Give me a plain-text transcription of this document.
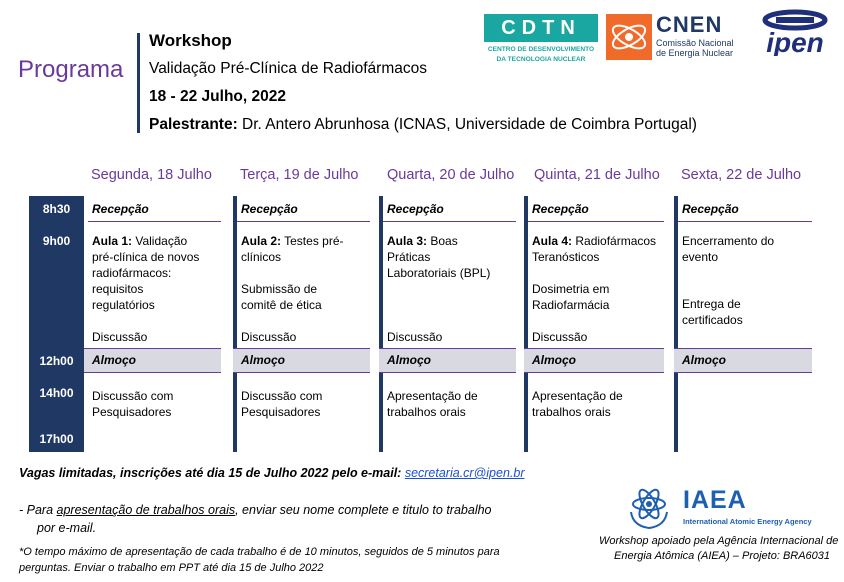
Programa
Workshop
Validação Pré-Clínica de Radiofármacos
18 - 22 Julho, 2022
Palestrante: Dr. Antero Abrunhosa (ICNAS, Universidade de Coimbra Portugal)
CDTN
CENTRO DE DESENVOLVIMENTO
DA TECNOLOGIA NUCLEAR
CNEN
Comissão Nacional
de Energia Nuclear ipen
Segunda, 18 Julho Terça, 19 de Julho Quarta, 20 de Julho Quinta, 21 de Julho Sexta, 22 de Julho
8h30
9h00
12h00
14h00
17h00
Recepção
Aula 1: Validação
pré-clínica de novos
radiofármacos:
requisitos
regulatórios
Discussão
Almoço
Discussão com
Pesquisadores
Recepção
Aula 2: Testes pré-
clínicos
Submissão de
comitê de ética
Discussão
Almoço
Discussão com
Pesquisadores
Recepção
Aula 3: Boas
Práticas
Laboratoriais (BPL)
Discussão
Almoço
Apresentação de
trabalhos orais
Recepção
Aula 4: Radiofármacos
Teranósticos
Dosimetria em
Radiofarmácia
Discussão
Almoço
Apresentação de
trabalhos orais
Recepção
Encerramento do
evento
Entrega de
certificados
Almoço
Vagas limitadas, inscrições até dia 15 de Julho 2022 pelo e-mail: secretaria.cr@ipen.br
- Para apresentação de trabalhos orais, enviar seu nome complete e titulo to trabalho
por e-mail.
*O tempo máximo de apresentação de cada trabalho é de 10 minutos, seguidos de 5 minutos para
perguntas. Enviar o trabalho em PPT até dia 15 de Julho 2022
IAEA
International Atomic Energy Agency
Workshop apoiado pela Agência Internacional de
Energia Atômica (AIEA) – Projeto: BRA6031
